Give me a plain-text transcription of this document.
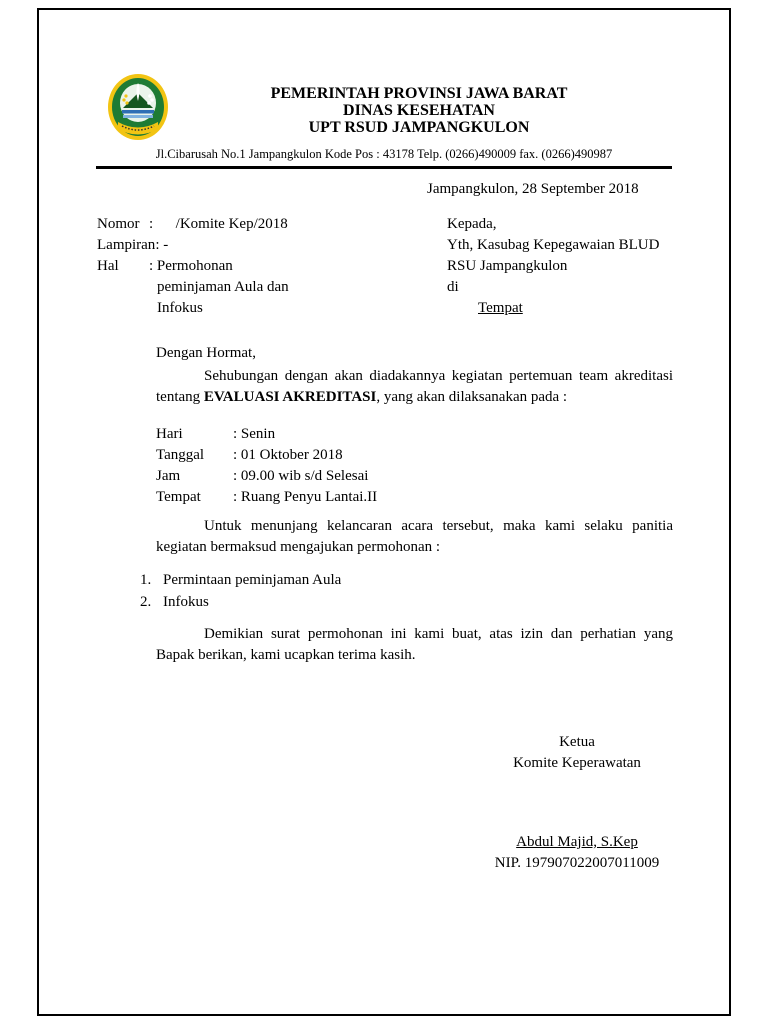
PEMERINTAH PROVINSI JAWA BARAT
DINAS KESEHATAN
UPT RSUD JAMPANGKULON
Jl.Cibarusah No.1 Jampangkulon Kode Pos : 43178 Telp. (0266)490009 fax. (0266)490987
Jampangkulon, 28 September 2018
Nomor :      /Komite Kep/2018
Lampiran : -
Hal	: Permohonan
peminjaman Aula dan
Infokus
Kepada,
Yth, Kasubag Kepegawaian BLUD
RSU Jampangkulon
di
Tempat
Dengan Hormat,

Sehubungan dengan akan diadakannya kegiatan pertemuan team akreditasi tentang EVALUASI AKREDITASI, yang akan dilaksanakan pada :

Hari	: Senin
Tanggal	: 01 Oktober 2018
Jam	: 09.00 wib s/d Selesai
Tempat	: Ruang Penyu Lantai.II

Untuk menunjang kelancaran acara tersebut, maka kami selaku panitia kegiatan bermaksud mengajukan permohonan :

1. Permintaan peminjaman Aula
2. Infokus

Demikian surat permohonan ini kami buat, atas izin dan perhatian yang Bapak berikan, kami ucapkan terima kasih.

Ketua
Komite Keperawatan
Abdul Majid, S.Kep
NIP. 197907022007011009
